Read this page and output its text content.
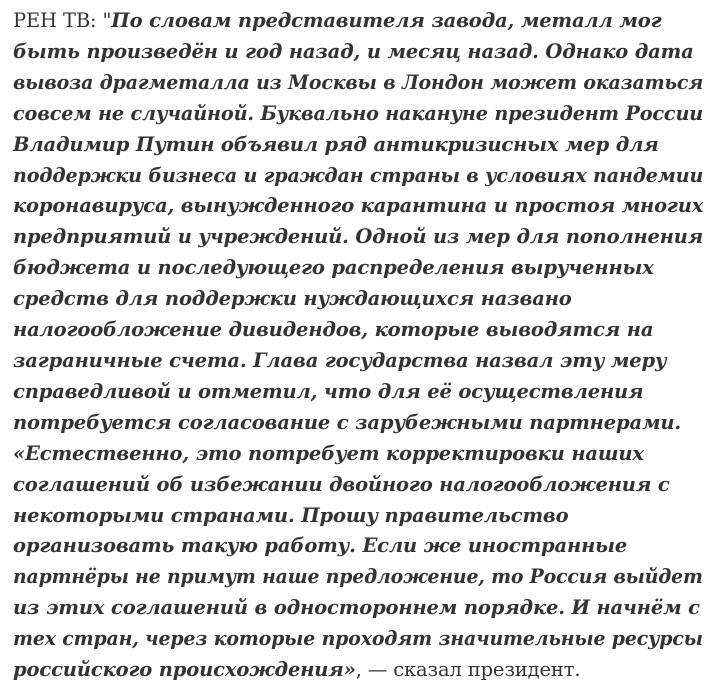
РЕН ТВ: "По словам представителя завода, металл мог
быть произведён и год назад, и месяц назад. Однако дата
вывоза драгметалла из Москвы в Лондон может оказаться
совсем не случайной. Буквально накануне президент России
Владимир Путин объявил ряд антикризисных мер для
поддержки бизнеса и граждан страны в условиях пандемии
коронавируса, вынужденного карантина и простоя многих
предприятий и учреждений. Одной из мер для пополнения
бюджета и последующего распределения вырученных
средств для поддержки нуждающихся названо
налогообложение дивидендов, которые выводятся на
заграничные счета. Глава государства назвал эту меру
справедливой и отметил, что для её осуществления
потребуется согласование с зарубежными партнерами.
«Естественно, это потребует корректировки наших
соглашений об избежании двойного налогообложения с
некоторыми странами. Прошу правительство
организовать такую работу. Если же иностранные
партнёры не примут наше предложение, то Россия выйдет
из этих соглашений в одностороннем порядке. И начнём с
тех стран, через которые проходят значительные ресурсы
российского происхождения», — сказал президент.
